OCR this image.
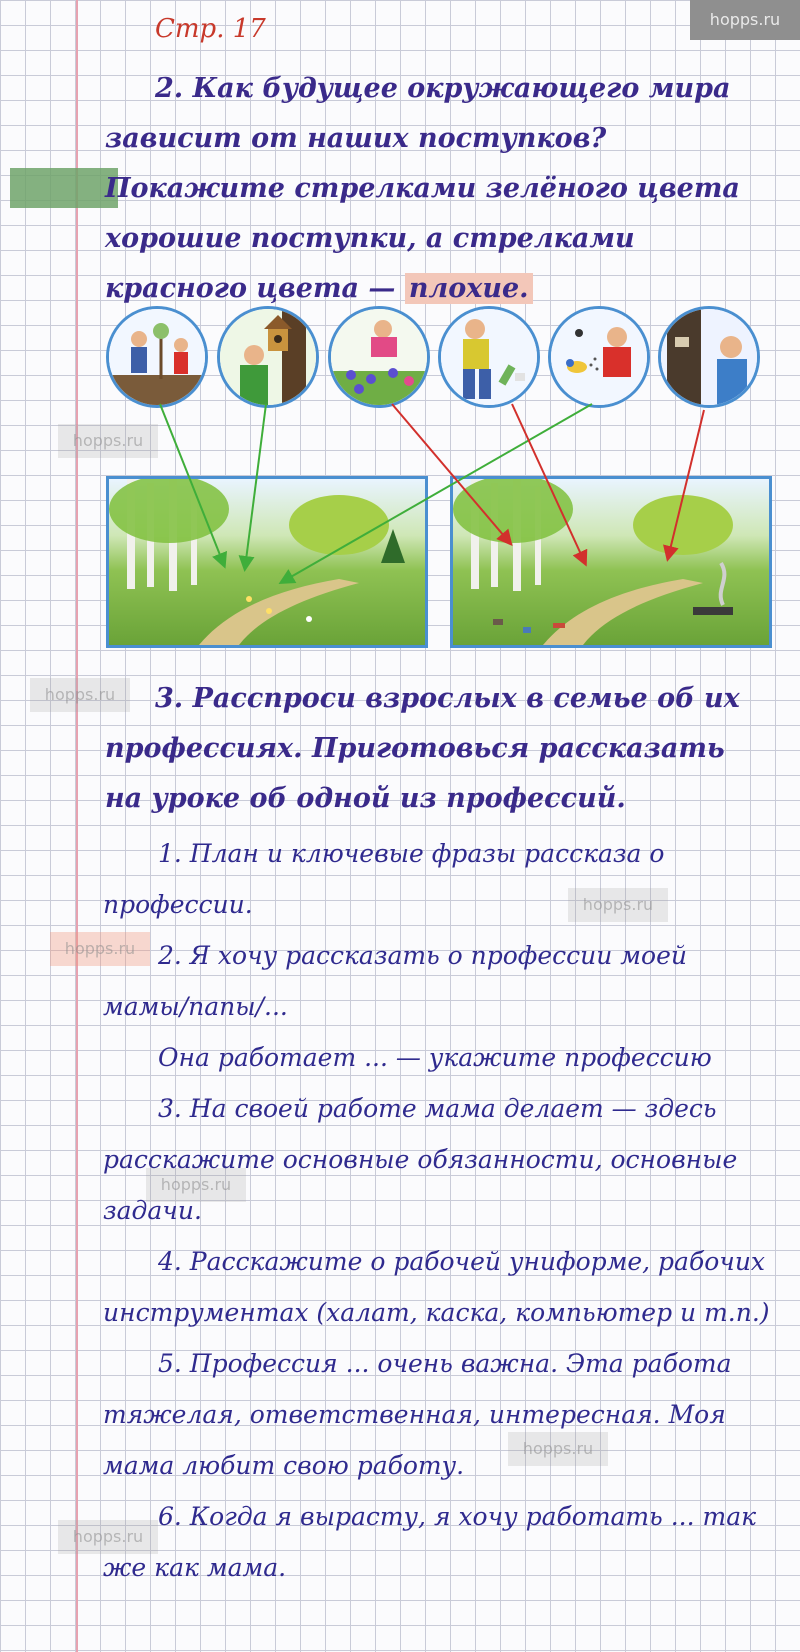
hopps.ru
hopps.ru
hopps.ru
hopps.ru
hopps.ru
hopps.ru
hopps.ru
hopps.ru
Стр. 17
2. Как будущее окружающего мира зависит от наших поступков? Покажите стрелками зелёного цвета хорошие поступки, а стрелками красного цвета — плохие.
3. Расспроси взрослых в семье об их профессиях. Приготовься рассказать на уроке об одной из профессий.
1. План и ключевые фразы рассказа о профессии.
2. Я хочу рассказать о профессии моей мамы/папы/...
Она работает ... — укажите профессию
3. На своей работе мама делает — здесь расскажите основные обязанности, основные задачи.
4. Расскажите о рабочей униформе, рабочих инструментах (халат, каска, компьютер и т.п.)
5. Профессия ... очень важна. Эта работа тяжелая, ответственная, интересная. Моя мама любит свою работу.
6. Когда я вырасту, я хочу работать ... так же как мама.
